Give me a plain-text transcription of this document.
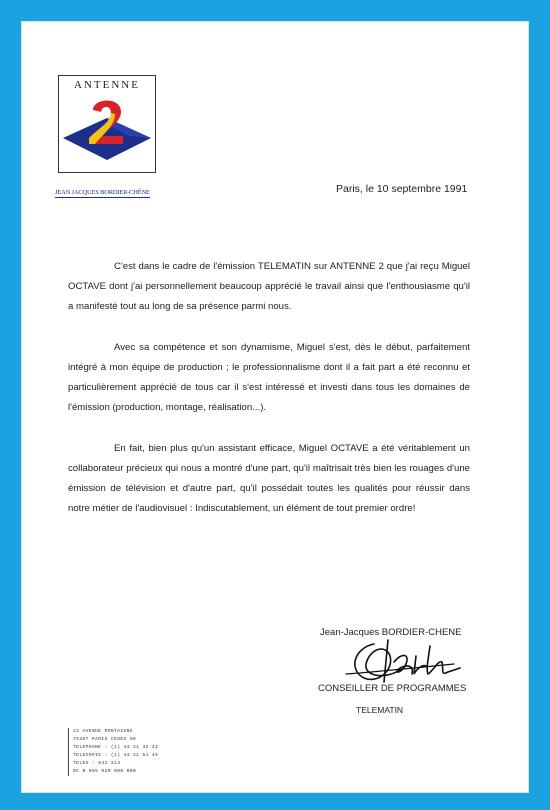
ANTENNE
JEAN JACQUES BORDIER-CHÊNE	Paris, le 10 septembre 1991

C'est dans le cadre de l'émission TELEMATIN sur ANTENNE 2 que j'ai reçu Miguel OCTAVE dont j'ai personnellement beaucoup apprécié le travail ainsi que l'enthousiasme qu'il a manifesté tout au long de sa présence parmi nous.

Avec sa compétence et son dynamisme, Miguel s'est, dès le début, parfaitement intégré à mon équipe de production ; le professionnalisme dont il a fait part a été reconnu et particulièrement apprécié de tous car il s'est intéressé et investi dans tous les domaines de l'émission (production, montage, réalisation...).

En fait, bien plus qu'un assistant efficace, Miguel OCTAVE a été véritablement un collaborateur précieux qui nous a montré d'une part, qu'il maîtrisait très bien les rouages d'une émission de télévision et d'autre part, qu'il possédait toutes les qualités pour réussir dans notre métier de l'audiovisuel : Indiscutablement, un élément de tout premier ordre!

Jean-Jacques BORDIER-CHENE
CONSEILLER DE PROGRAMMES
TELEMATIN
22 AVENUE MONTAIGNE
75387 PARIS CEDEX 08
TELEPHONE : (1) 44 21 42 42
TELECOPIE : (1) 44 21 51 45
TELEX : 642 313
RC B 085 020 000 000
